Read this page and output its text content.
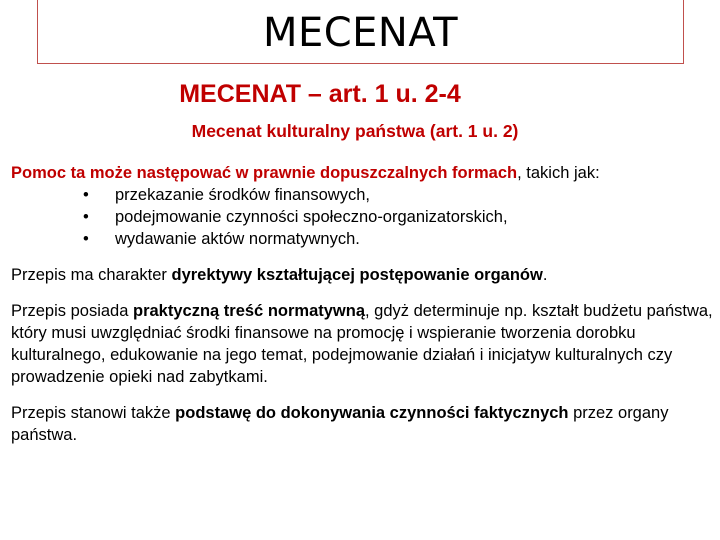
MECENAT
MECENAT – art. 1 u. 2-4
Mecenat kulturalny państwa (art. 1 u. 2)

Pomoc ta może następować w prawnie dopuszczalnych formach, takich jak:

• przekazanie środków finansowych,
• podejmowanie czynności społeczno-organizatorskich,
• wydawanie aktów normatywnych.

Przepis ma charakter dyrektywy kształtującej postępowanie organów.

Przepis posiada praktyczną treść normatywną, gdyż determinuje np. kształt budżetu państwa, który musi uwzględniać środki finansowe na promocję i wspieranie tworzenia dorobku kulturalnego, edukowanie na jego temat, podejmowanie działań i inicjatyw kulturalnych czy prowadzenie opieki nad zabytkami.

Przepis stanowi także podstawę do dokonywania czynności faktycznych przez organy państwa.
